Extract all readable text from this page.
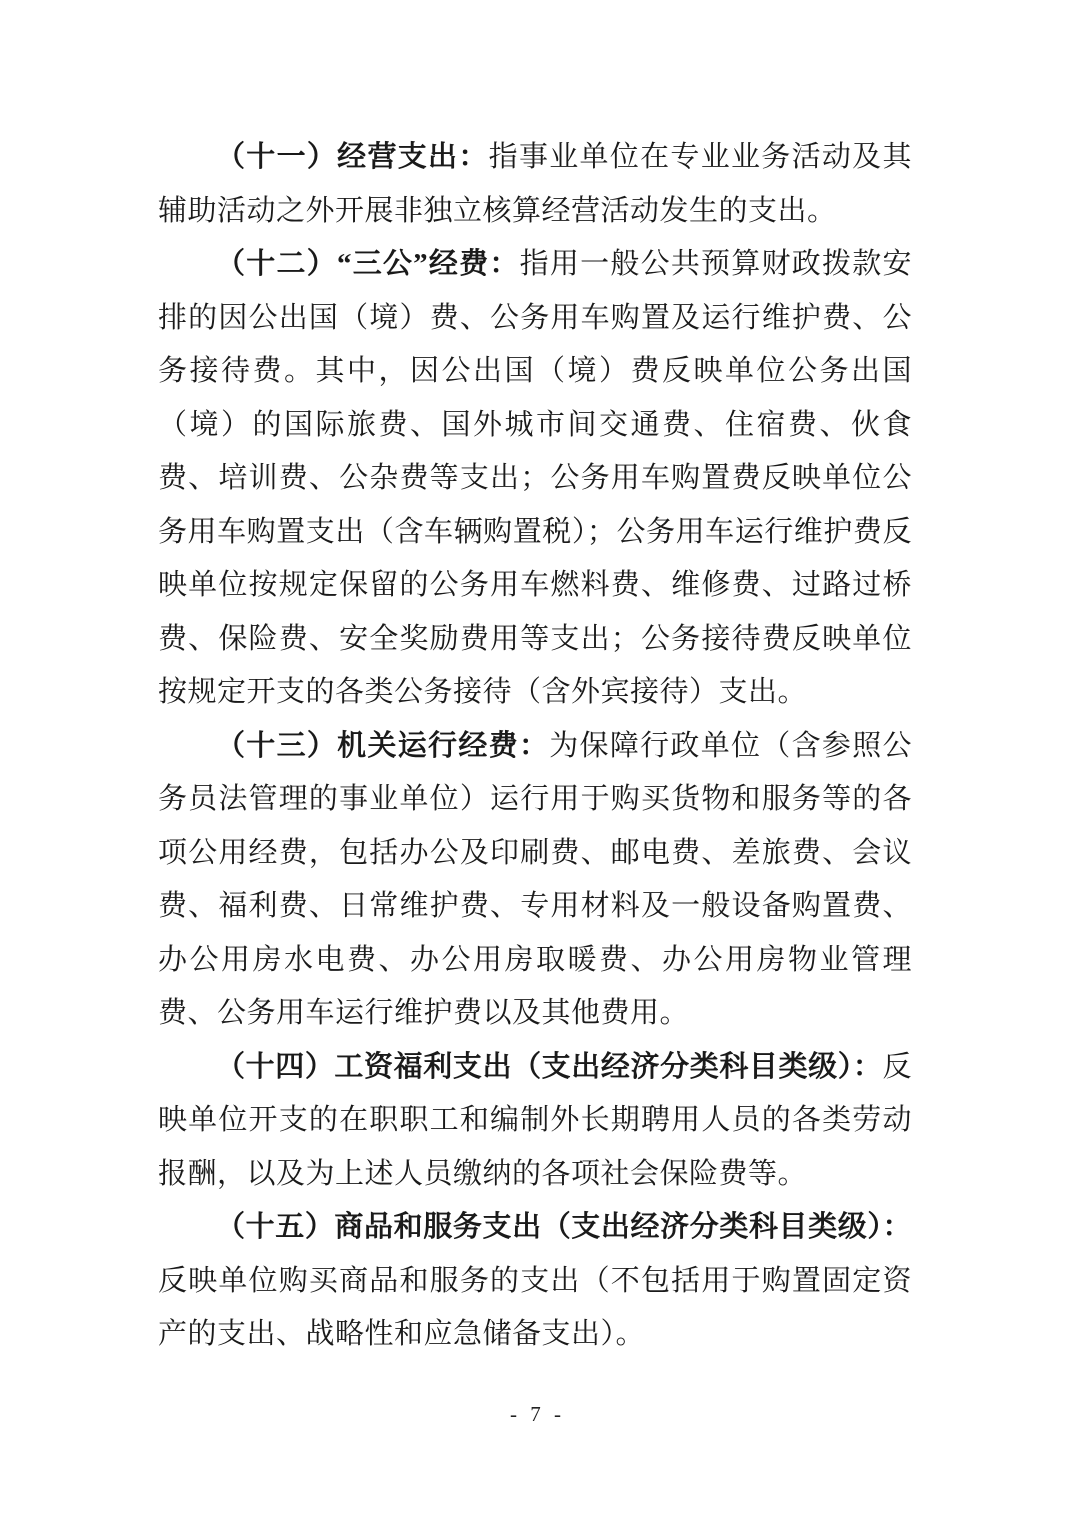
（十一）经营支出：指事业单位在专业业务活动及其辅助活动之外开展非独立核算经营活动发生的支出。

（十二）“三公”经费：指用一般公共预算财政拨款安排的因公出国（境）费、公务用车购置及运行维护费、公务接待费。其中，因公出国（境）费反映单位公务出国（境）的国际旅费、国外城市间交通费、住宿费、伙食费、培训费、公杂费等支出；公务用车购置费反映单位公务用车购置支出（含车辆购置税）；公务用车运行维护费反映单位按规定保留的公务用车燃料费、维修费、过路过桥费、保险费、安全奖励费用等支出；公务接待费反映单位按规定开支的各类公务接待（含外宾接待）支出。

（十三）机关运行经费：为保障行政单位（含参照公务员法管理的事业单位）运行用于购买货物和服务等的各项公用经费，包括办公及印刷费、邮电费、差旅费、会议费、福利费、日常维护费、专用材料及一般设备购置费、办公用房水电费、办公用房取暖费、办公用房物业管理费、公务用车运行维护费以及其他费用。

（十四）工资福利支出（支出经济分类科目类级）：反映单位开支的在职职工和编制外长期聘用人员的各类劳动报酬，以及为上述人员缴纳的各项社会保险费等。

（十五）商品和服务支出（支出经济分类科目类级）：反映单位购买商品和服务的支出（不包括用于购置固定资产的支出、战略性和应急储备支出）。

- 7 -
